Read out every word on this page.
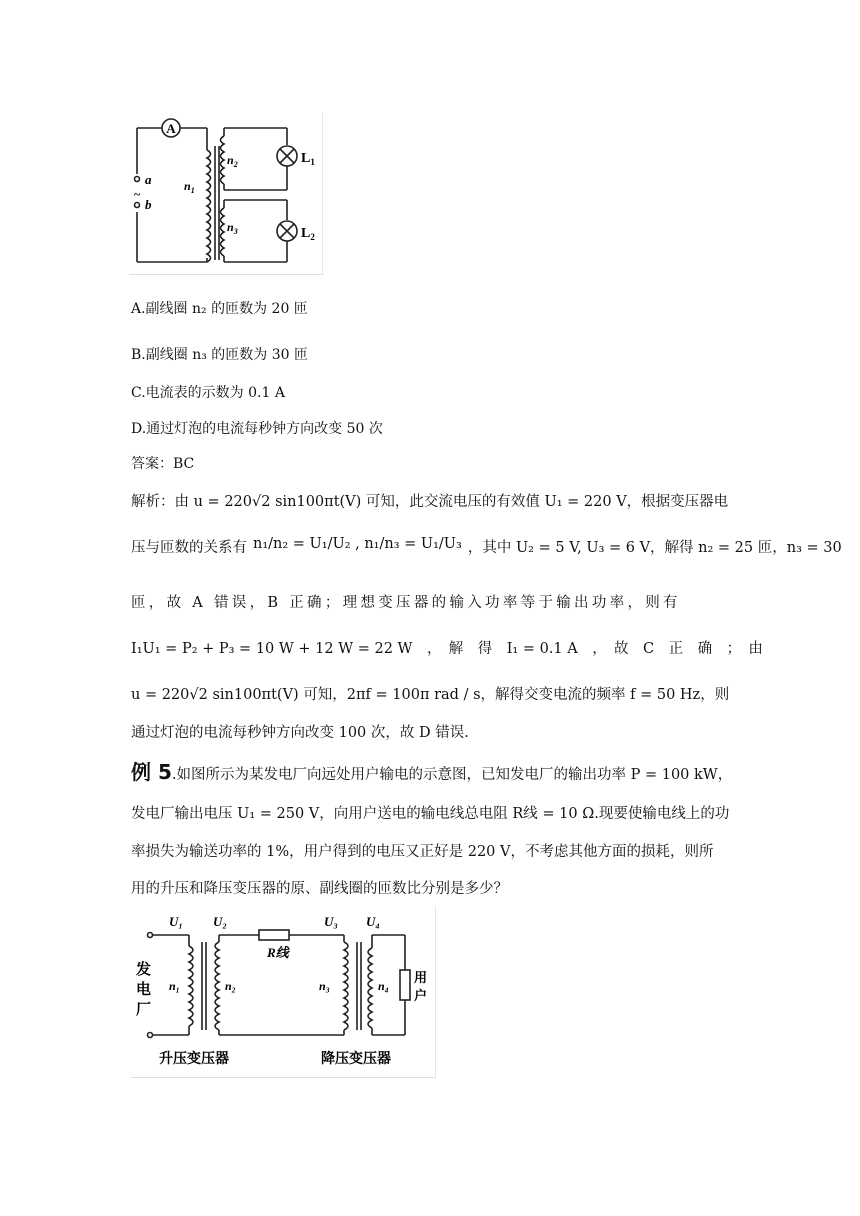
A
a
~
b
$n_1$
$n_2$
$n_3$
$L_1$
$L_2$
A.副线圈 n₂ 的匝数为 20 匝
B.副线圈 n₃ 的匝数为 30 匝
C.电流表的示数为 0.1 A
D.通过灯泡的电流每秒钟方向改变 50 次
答案：BC
解析：由 u = 220√2 sin100πt(V) 可知，此交流电压的有效值 U₁ = 220 V，根据变压器电
压与匝数的关系有 n₁/n₂ = U₁/U₂ , n₁/n₃ = U₁/U₃ ，其中 U₂ = 5 V, U₃ = 6 V，解得 n₂ = 25 匝，n₃ = 30
匝，故 A 错误，B 正确；理想变压器的输入功率等于输出功率，则有
I₁U₁ = P₂ + P₃ = 10 W + 12 W = 22 W　，　解　得　I₁ = 0.1 A　，　故　C　正　确　；　由
u = 220√2 sin100πt(V) 可知，2πf = 100π rad / s，解得交变电流的频率 f = 50 Hz，则
通过灯泡的电流每秒钟方向改变 100 次，故 D 错误.
例 5.如图所示为某发电厂向远处用户输电的示意图，已知发电厂的输出功率 P = 100 kW，
发电厂输出电压 U₁ = 250 V，向用户送电的输电线总电阻 R线 = 10 Ω.现要使输电线上的功
率损失为输送功率的 1%，用户得到的电压又正好是 220 V，不考虑其他方面的损耗，则所
用的升压和降压变压器的原、副线圈的匝数比分别是多少？
U₁ U₂	U₃ U₄
R线
n₁	n₂	n₃	n₄
发
电
厂
用
户
升压变压器	降压变压器
